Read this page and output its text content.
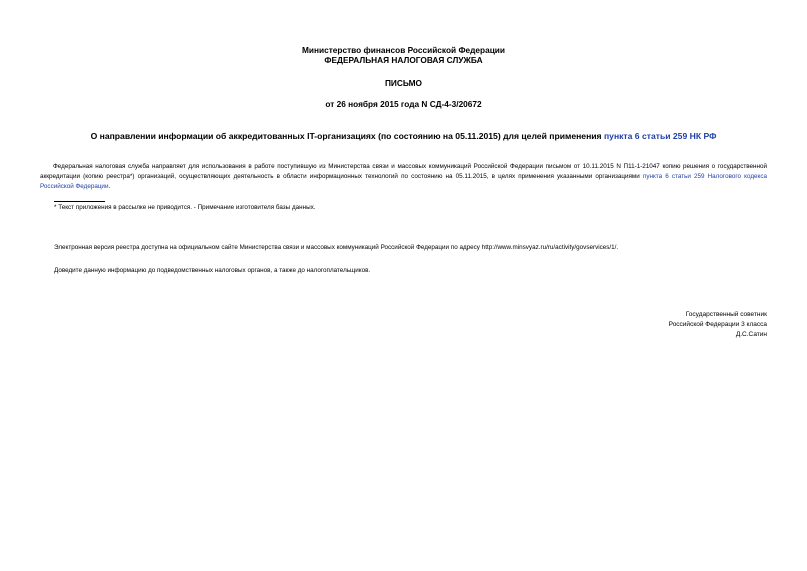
Министерство финансов Российской Федерации
ФЕДЕРАЛЬНАЯ НАЛОГОВАЯ СЛУЖБА
ПИСЬМО
от 26 ноября 2015 года N СД-4-3/20672
О направлении информации об аккредитованных IT-организациях (по состоянию на 05.11.2015) для целей применения пункта 6 статьи 259 НК РФ
Федеральная налоговая служба направляет для использования в работе поступившую из Министерства связи и массовых коммуникаций Российской Федерации письмом от 10.11.2015 N П11-1-21047 копию решения о государственной аккредитации (копию реестра*) организаций, осуществляющих деятельность в области информационных технологий по состоянию на 05.11.2015, в целях применения указанными организациями пункта 6 статьи 259 Налогового кодекса Российской Федерации.
* Текст приложения в рассылке не приводится. - Примечание изготовителя базы данных.
Электронная версия реестра доступна на официальном сайте Министерства связи и массовых коммуникаций Российской Федерации по адресу http://www.minsvyaz.ru/ru/activity/govservices/1/.
Доведите данную информацию до подведомственных налоговых органов, а также до налогоплательщиков.
Государственный советник
Российской Федерации 3 класса
Д.С.Сатин
